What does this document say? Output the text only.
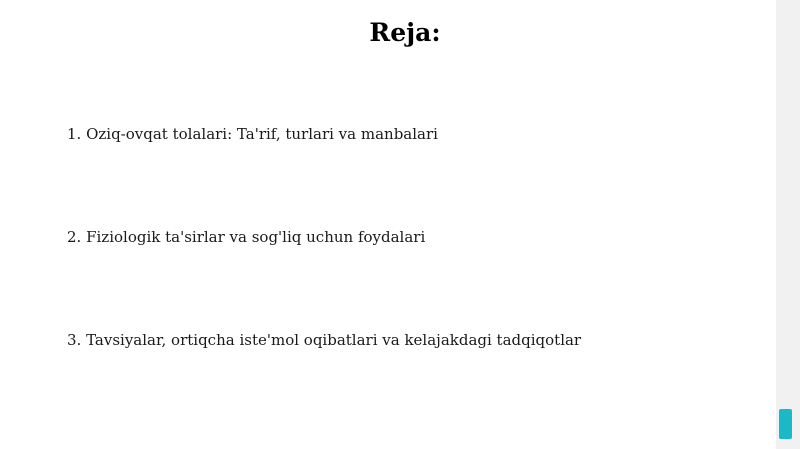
Reja:
1. Oziq-ovqat tolalari: Ta'rif, turlari va manbalari
2. Fiziologik ta'sirlar va sog'liq uchun foydalari
3. Tavsiyalar, ortiqcha iste'mol oqibatlari va kelajakdagi tadqiqotlar
